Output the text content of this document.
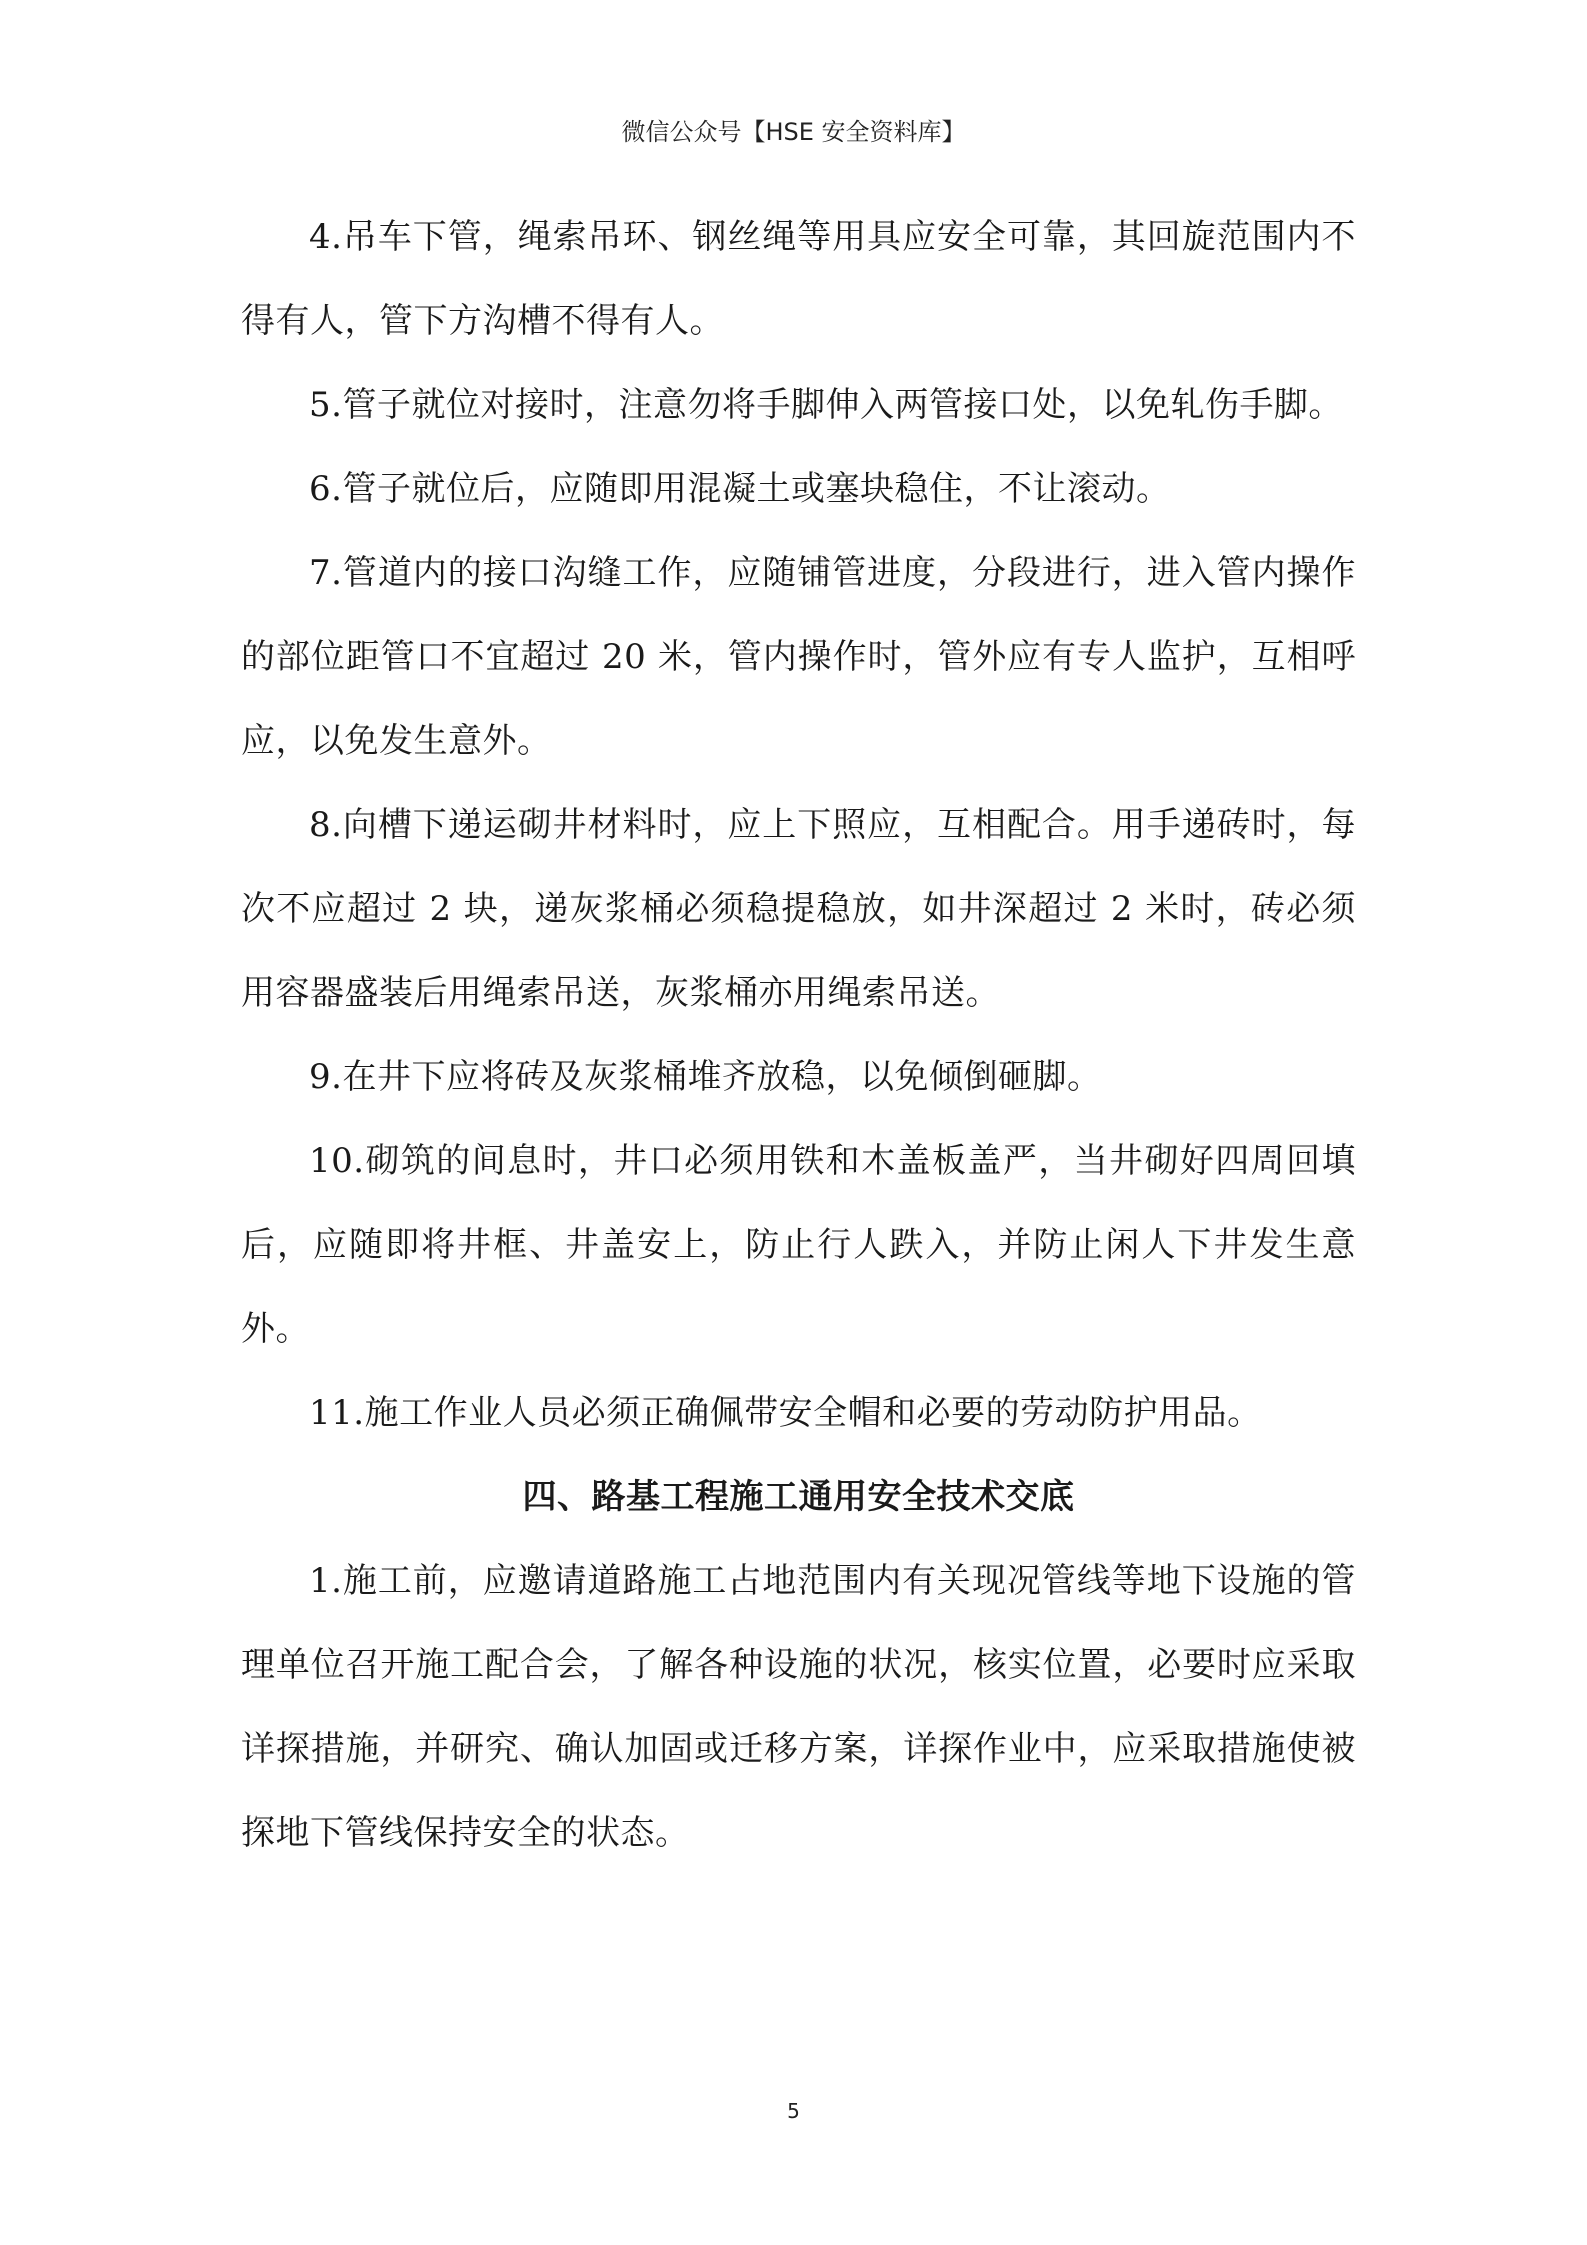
微信公众号【HSE 安全资料库】

4.吊车下管，绳索吊环、钢丝绳等用具应安全可靠，其回旋范围内不得有人，管下方沟槽不得有人。

5.管子就位对接时，注意勿将手脚伸入两管接口处，以免轧伤手脚。

6.管子就位后，应随即用混凝土或塞块稳住，不让滚动。

7.管道内的接口沟缝工作，应随铺管进度，分段进行，进入管内操作的部位距管口不宜超过 20 米，管内操作时，管外应有专人监护，互相呼应，以免发生意外。

8.向槽下递运砌井材料时，应上下照应，互相配合。用手递砖时，每次不应超过 2 块，递灰浆桶必须稳提稳放，如井深超过 2 米时，砖必须用容器盛装后用绳索吊送，灰浆桶亦用绳索吊送。

9.在井下应将砖及灰浆桶堆齐放稳，以免倾倒砸脚。

10.砌筑的间息时，井口必须用铁和木盖板盖严，当井砌好四周回填后，应随即将井框、井盖安上，防止行人跌入，并防止闲人下井发生意外。

11.施工作业人员必须正确佩带安全帽和必要的劳动防护用品。

四、路基工程施工通用安全技术交底

1.施工前，应邀请道路施工占地范围内有关现况管线等地下设施的管理单位召开施工配合会，了解各种设施的状况，核实位置，必要时应采取详探措施，并研究、确认加固或迁移方案，详探作业中，应采取措施使被探地下管线保持安全的状态。

5
